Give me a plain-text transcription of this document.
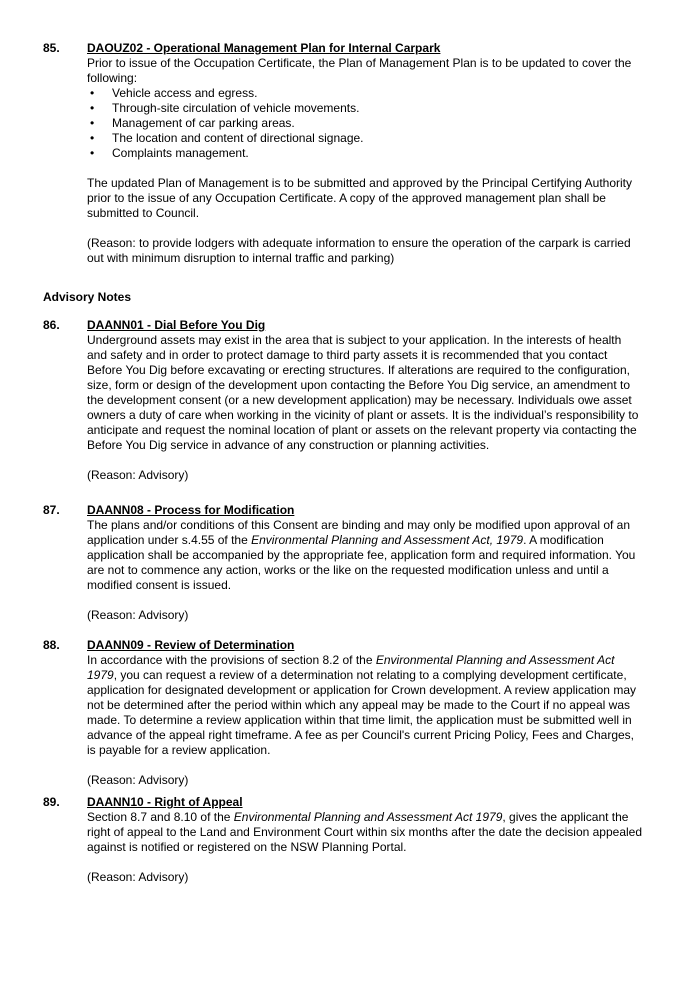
85. DAOUZ02 - Operational Management Plan for Internal Carpark

Prior to issue of the Occupation Certificate, the Plan of Management Plan is to be updated to cover the following:

• Vehicle access and egress.
• Through-site circulation of vehicle movements.
• Management of car parking areas.
• The location and content of directional signage.
• Complaints management.

The updated Plan of Management is to be submitted and approved by the Principal Certifying Authority prior to the issue of any Occupation Certificate. A copy of the approved management plan shall be submitted to Council.

(Reason: to provide lodgers with adequate information to ensure the operation of the carpark is carried out with minimum disruption to internal traffic and parking)

Advisory Notes
86. DAANN01 - Dial Before You Dig

Underground assets may exist in the area that is subject to your application. In the interests of health and safety and in order to protect damage to third party assets it is recommended that you contact Before You Dig before excavating or erecting structures. If alterations are required to the configuration, size, form or design of the development upon contacting the Before You Dig service, an amendment to the development consent (or a new development application) may be necessary. Individuals owe asset owners a duty of care when working in the vicinity of plant or assets. It is the individual’s responsibility to anticipate and request the nominal location of plant or assets on the relevant property via contacting the Before You Dig service in advance of any construction or planning activities.

(Reason: Advisory)

87. DAANN08 - Process for Modification

The plans and/or conditions of this Consent are binding and may only be modified upon approval of an application under s.4.55 of the Environmental Planning and Assessment Act, 1979. A modification application shall be accompanied by the appropriate fee, application form and required information. You are not to commence any action, works or the like on the requested modification unless and until a modified consent is issued.

(Reason: Advisory)

88. DAANN09 - Review of Determination

In accordance with the provisions of section 8.2 of the Environmental Planning and Assessment Act 1979, you can request a review of a determination not relating to a complying development certificate, application for designated development or application for Crown development. A review application may not be determined after the period within which any appeal may be made to the Court if no appeal was made. To determine a review application within that time limit, the application must be submitted well in advance of the appeal right timeframe. A fee as per Council's current Pricing Policy, Fees and Charges, is payable for a review application.

(Reason: Advisory)

89. DAANN10 - Right of Appeal

Section 8.7 and 8.10 of the Environmental Planning and Assessment Act 1979, gives the applicant the right of appeal to the Land and Environment Court within six months after the date the decision appealed against is notified or registered on the NSW Planning Portal.

(Reason: Advisory)
